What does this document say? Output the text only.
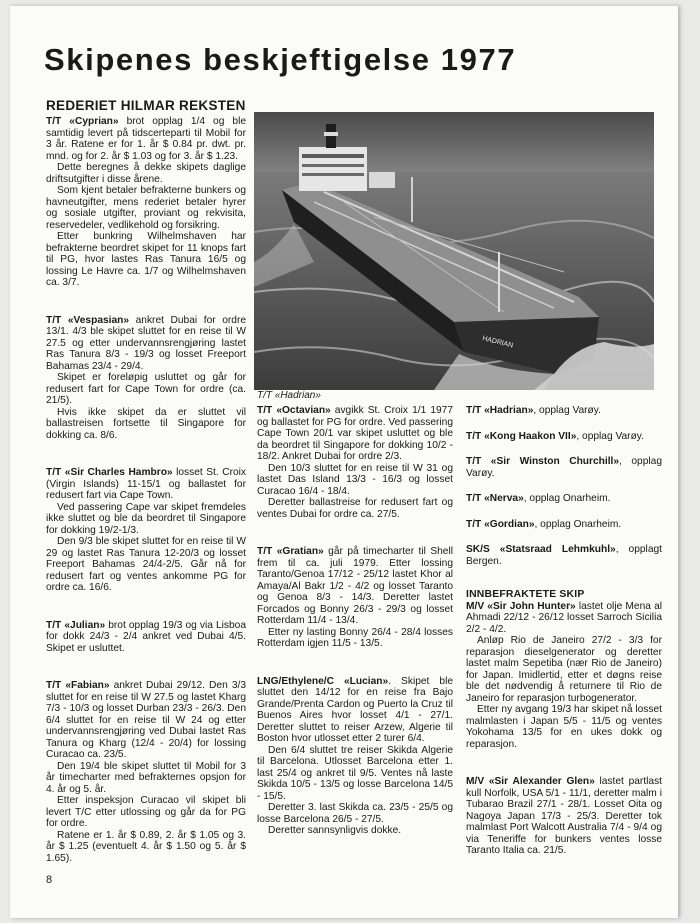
Skipenes beskjeftigelse 1977
REDERIET HILMAR REKSTEN
HADRIAN
T/T «Hadrian»

T/T «Cyprian» brot opplag 1/4 og ble samtidig levert på tidscerteparti til Mobil for 3 år. Ratene er for 1. år $ 0.84 pr. dwt. pr. mnd. og for 2. år $ 1.03 og for 3. år $ 1.23.

Dette beregnes å dekke skipets daglige driftsutgifter i disse årene.

Som kjent betaler befrakterne bunkers og havneutgifter, mens rederiet betaler hyrer og sosiale utgifter, proviant og rekvisita, reservedeler, vedlikehold og forsikring.

Etter bunkring Wilhelmshaven har befrakterne beordret skipet for 11 knops fart til PG, hvor lastes Ras Tanura 16/5 og lossing Le Havre ca. 1/7 og Wilhelmshaven ca. 3/7.

T/T «Vespasian» ankret Dubai for ordre 13/1. 4/3 ble skipet sluttet for en reise til W 27.5 og etter undervannsrengjøring lastet Ras Tanura 8/3 - 19/3 og losset Freeport Bahamas 23/4 - 29/4.

Skipet er foreløpig usluttet og går for redusert fart for Cape Town for ordre (ca. 21/5).

Hvis ikke skipet da er sluttet vil ballastreisen fortsette til Singapore for dokking ca. 8/6.

T/T «Sir Charles Hambro» losset St. Croix (Virgin Islands) 11-15/1 og ballastet for redusert fart via Cape Town.

Ved passering Cape var skipet fremdeles ikke sluttet og ble da beordret til Singapore for dokking 19/2-1/3.

Den 9/3 ble skipet sluttet for en reise til W 29 og lastet Ras Tanura 12-20/3 og losset Freeport Bahamas 24/4-2/5. Går nå for redusert fart og ventes ankomme PG for ordre ca. 16/6.

T/T «Julian» brot opplag 19/3 og via Lisboa for dokk 24/3 - 2/4 ankret ved Dubai 4/5. Skipet er usluttet.

T/T «Fabian» ankret Dubai 29/12. Den 3/3 sluttet for en reise til W 27.5 og lastet Kharg 7/3 - 10/3 og losset Durban 23/3 - 26/3. Den 6/4 sluttet for en reise til W 24 og etter undervannsrengjøring ved Dubai lastet Ras Tanura og Kharg (12/4 - 20/4) for lossing Curacao ca. 23/5.

Den 19/4 ble skipet sluttet til Mobil for 3 år timecharter med befrakternes opsjon for 4. år og 5. år.

Etter inspeksjon Curacao vil skipet bli levert T/C etter utlossing og går da for PG for ordre.

Ratene er 1. år $ 0.89, 2. år $ 1.05 og 3. år $ 1.25 (eventuelt 4. år $ 1.50 og 5. år $ 1.65).

T/T «Octavian» avgikk St. Croix 1/1 1977 og ballastet for PG for ordre. Ved passering Cape Town 20/1 var skipet usluttet og ble da beordret til Singapore for dokking 10/2 - 18/2. Ankret Dubai for ordre 2/3.

Den 10/3 sluttet for en reise til W 31 og lastet Das Island 13/3 - 16/3 og losset Curacao 16/4 - 18/4.

Deretter ballastreise for redusert fart og ventes Dubai for ordre ca. 27/5.

T/T «Gratian» går på timecharter til Shell frem til ca. juli 1979. Etter lossing Taranto/Genoa 17/12 - 25/12 lastet Khor al Amaya/Al Bakr 1/2 - 4/2 og losset Taranto og Genoa 8/3 - 14/3. Deretter lastet Forcados og Bonny 26/3 - 29/3 og losset Rotterdam 11/4 - 13/4.

Etter ny lasting Bonny 26/4 - 28/4 losses Rotterdam igjen 11/5 - 13/5.

LNG/Ethylene/C «Lucian». Skipet ble sluttet den 14/12 for en reise fra Bajo Grande/Prenta Cardon og Puerto la Cruz til Buenos Aires hvor losset 4/1 - 27/1. Deretter sluttet to reiser Arzew, Algerie til Boston hvor utlosset etter 2 turer 6/4.

Den 6/4 sluttet tre reiser Skikda Algerie til Barcelona. Utlosset Barcelona etter 1. last 25/4 og ankret til 9/5. Ventes nå laste Skikda 10/5 - 13/5 og losse Barcelona 14/5 - 15/5.

Deretter 3. last Skikda ca. 23/5 - 25/5 og losse Barcelona 26/5 - 27/5.

Deretter sannsynligvis dokke.

T/T «Hadrian», opplag Varøy.

T/T «Kong Haakon VII», opplag Varøy.

T/T «Sir Winston Churchill», opplag Varøy.

T/T «Nerva», opplag Onarheim.

T/T «Gordian», opplag Onarheim.

SK/S «Statsraad Lehmkuhl», opplagt Bergen.

INNBEFRAKTETE SKIP

M/V «Sir John Hunter» lastet olje Mena al Ahmadi 22/12 - 26/12 losset Sarroch Sicilia 2/2 - 4/2.

Anløp Rio de Janeiro 27/2 - 3/3 for reparasjon dieselgenerator og deretter lastet malm Sepetiba (nær Rio de Janeiro) for Japan. Imidlertid, etter et døgns reise ble det nødvendig å returnere til Rio de Janeiro for reparasjon turbogenerator.

Etter ny avgang 19/3 har skipet nå losset malmlasten i Japan 5/5 - 11/5 og ventes Yokohama 13/5 for en ukes dokk og reparasjon.

M/V «Sir Alexander Glen» lastet partlast kull Norfolk, USA 5/1 - 11/1, deretter malm i Tubarao Brazil 27/1 - 28/1. Losset Oita og Nagoya Japan 17/3 - 25/3. Deretter tok malmlast Port Walcott Australia 7/4 - 9/4 og via Teneriffe for bunkers ventes losse Taranto Italia ca. 21/5.

8
